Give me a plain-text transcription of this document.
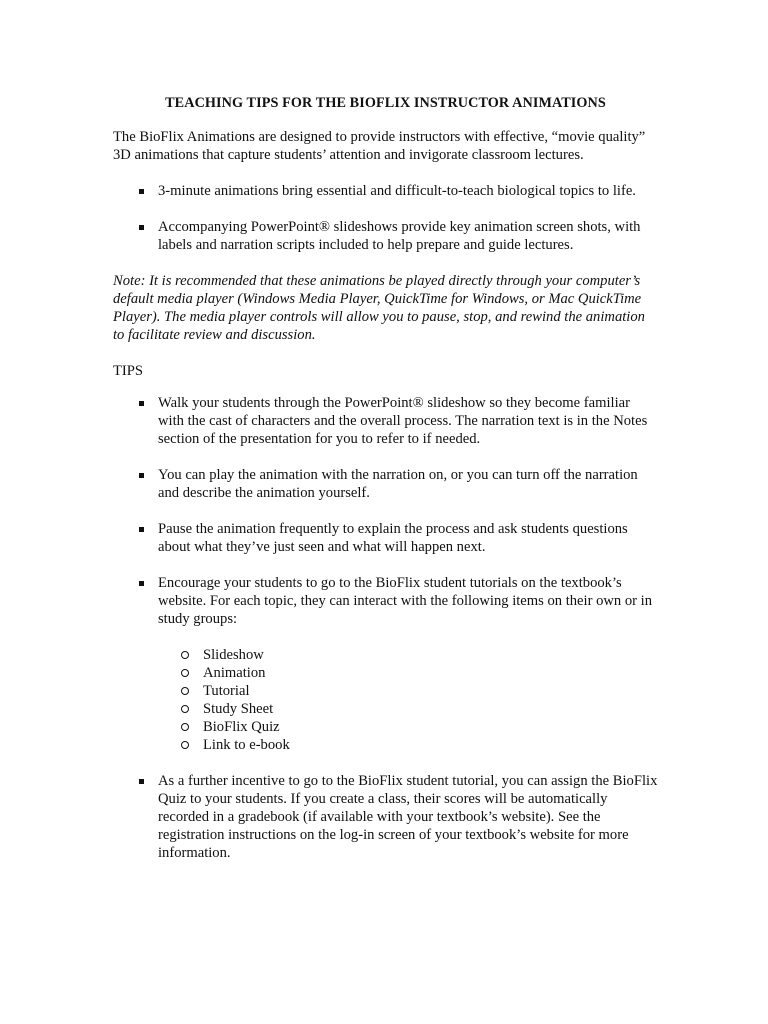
TEACHING TIPS FOR THE BIOFLIX INSTRUCTOR ANIMATIONS

The BioFlix Animations are designed to provide instructors with effective, “movie quality” 3D animations that capture students’ attention and invigorate classroom lectures.

3-minute animations bring essential and difficult-to-teach biological topics to life.
Accompanying PowerPoint® slideshows provide key animation screen shots, with labels and narration scripts included to help prepare and guide lectures.

Note: It is recommended that these animations be played directly through your computer’s default media player (Windows Media Player, QuickTime for Windows, or Mac QuickTime Player). The media player controls will allow you to pause, stop, and rewind the animation to facilitate review and discussion.

TIPS

Walk your students through the PowerPoint® slideshow so they become familiar with the cast of characters and the overall process. The narration text is in the Notes section of the presentation for you to refer to if needed.
You can play the animation with the narration on, or you can turn off the narration and describe the animation yourself.
Pause the animation frequently to explain the process and ask students questions about what they’ve just seen and what will happen next.
Encourage your students to go to the BioFlix student tutorials on the textbook’s website. For each topic, they can interact with the following items on their own or in study groups:
Slideshow
Animation
Tutorial
Study Sheet
BioFlix Quiz
Link to e-book
As a further incentive to go to the BioFlix student tutorial, you can assign the BioFlix Quiz to your students. If you create a class, their scores will be automatically recorded in a gradebook (if available with your textbook’s website). See the registration instructions on the log-in screen of your textbook’s website for more information.
